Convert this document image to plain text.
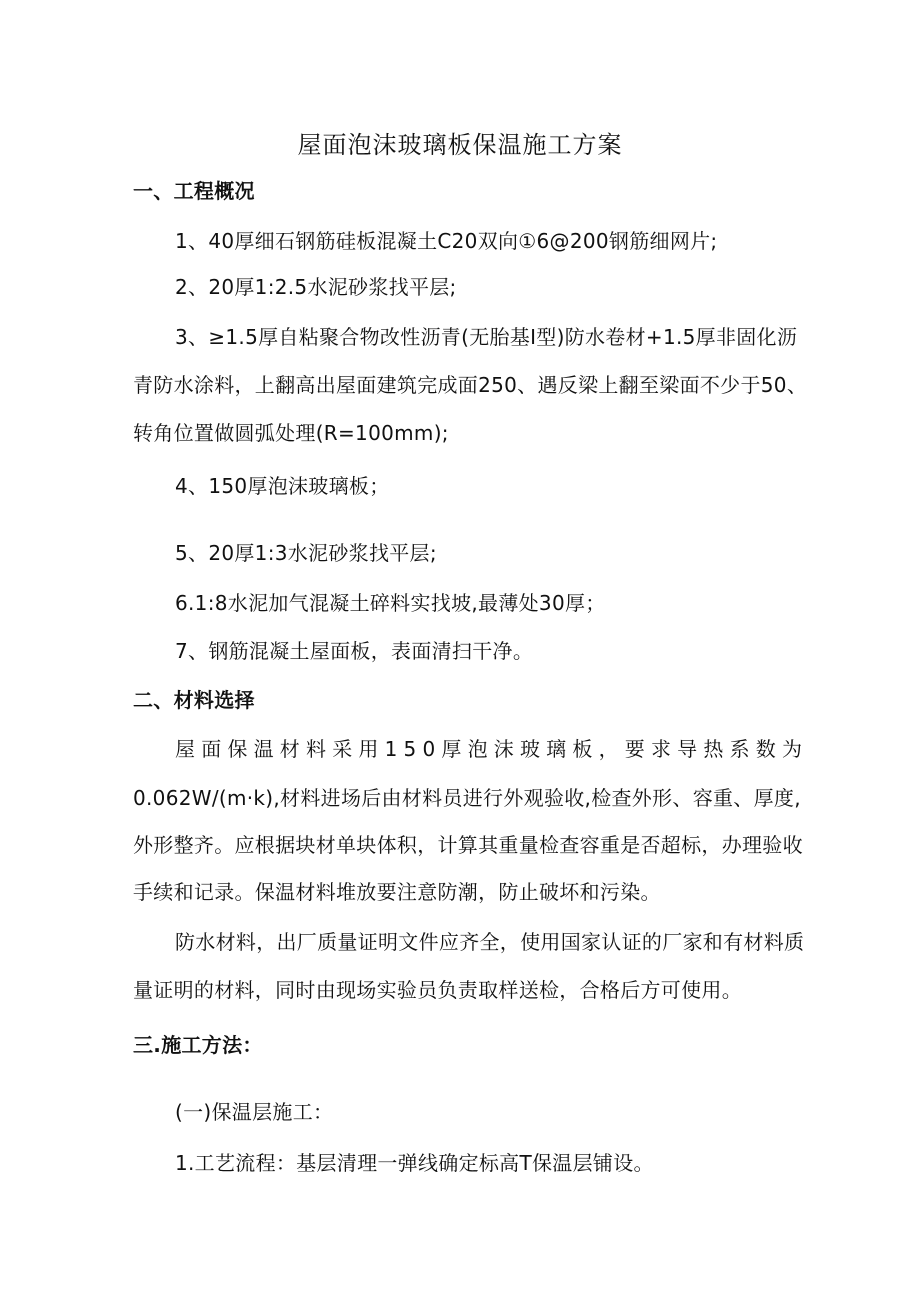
屋面泡沫玻璃板保温施工方案
一、工程概况
1、40厚细石钢筋硅板混凝土C20双向①6@200钢筋细网片;
2、20厚1:2.5水泥砂浆找平层;
3、≥1.5厚自粘聚合物改性沥青(无胎基I型)防水卷材+1.5厚非固化沥
青防水涂料，上翻高出屋面建筑完成面250、遇反梁上翻至梁面不少于50、
转角位置做圆弧处理(R=100mm);
4、150厚泡沫玻璃板；
5、20厚1:3水泥砂浆找平层;
6.1:8水泥加气混凝土碎料实找坡,最薄处30厚；
7、钢筋混凝土屋面板，表面清扫干净。
二、材料选择
屋面保温材料采用150厚泡沫玻璃板，要求导热系数为
0.062W/(m·k),材料进场后由材料员进行外观验收,检查外形、容重、厚度,
外形整齐。应根据块材单块体积，计算其重量检查容重是否超标，办理验收
手续和记录。保温材料堆放要注意防潮，防止破坏和污染。
防水材料，出厂质量证明文件应齐全，使用国家认证的厂家和有材料质
量证明的材料，同时由现场实验员负责取样送检，合格后方可使用。
三.施工方法：
(一)保温层施工：
1.工艺流程：基层清理一弹线确定标高T保温层铺设。
